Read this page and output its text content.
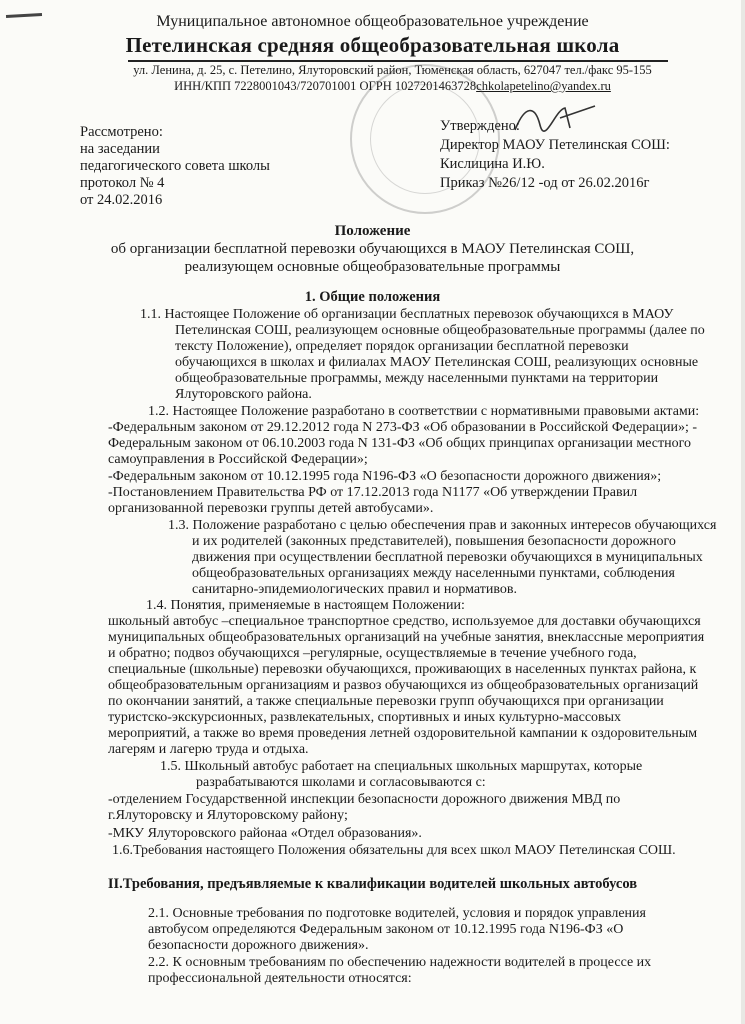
Муниципальное автономное общеобразовательное учреждение
Петелинская средняя общеобразовательная школа
ул. Ленина, д. 25, с. Петелино, Ялуторовский район, Тюменская область, 627047 тел./факс 95-155
ИНН/КПП 7228001043/720701001 ОГРН 1027201463728chkolapetelino@yandex.ru
Рассмотрено:
на заседании
педагогического совета школы
протокол № 4
от 24.02.2016
Утверждено:
Директор МАОУ Петелинская СОШ:
Кислицина И.Ю.
Приказ №26/12 -од от 26.02.2016г
Положение
об организации бесплатной перевозки обучающихся в МАОУ Петелинская СОШ,
реализующем основные общеобразовательные программы
1. Общие положения
1.1. Настоящее Положение об организации бесплатных перевозок обучающихся в МАОУ
Петелинская СОШ, реализующем основные общеобразовательные программы (далее по
тексту Положение), определяет порядок организации бесплатной перевозки
обучающихся в школах и филиалах МАОУ Петелинская СОШ, реализующих основные
общеобразовательные программы, между населенными пунктами на территории
Ялуторовского района.
1.2. Настоящее Положение разработано в соответствии с нормативными правовыми актами:
-Федеральным законом от 29.12.2012 года N 273-ФЗ «Об образовании в Российской Федерации»; -
Федеральным законом от 06.10.2003 года N 131-ФЗ «Об общих принципах организации местного
самоуправления в Российской Федерации»;
-Федеральным законом от 10.12.1995 года N196-ФЗ «О безопасности дорожного движения»;
-Постановлением Правительства РФ от 17.12.2013 года N1177 «Об утверждении Правил
организованной перевозки группы детей автобусами».
1.3. Положение разработано с целью обеспечения прав и законных интересов обучающихся
и их родителей (законных представителей), повышения безопасности дорожного
движения при осуществлении бесплатной перевозки обучающихся в муниципальных
общеобразовательных организациях между населенными пунктами, соблюдения
санитарно-эпидемиологических правил и нормативов.
1.4. Понятия, применяемые в настоящем Положении:
школьный автобус –специальное транспортное средство, используемое для доставки обучающихся
муниципальных общеобразовательных организаций на учебные занятия, внеклассные мероприятия
и обратно; подвоз обучающихся –регулярные, осуществляемые в течение учебного года,
специальные (школьные) перевозки обучающихся, проживающих в населенных пунктах района, к
общеобразовательным организациям и развоз обучающихся из общеобразовательных организаций
по окончании занятий, а также специальные перевозки групп обучающихся при организации
туристско-экскурсионных, развлекательных, спортивных и иных культурно-массовых
мероприятий, а также во время проведения летней оздоровительной кампании к оздоровительным
лагерям и лагерю труда и отдыха.
1.5. Школьный автобус работает на специальных школьных маршрутах, которые
разрабатываются школами и согласовываются с:
-отделением Государственной инспекции безопасности дорожного движения МВД по
г.Ялуторовску и Ялуторовскому району;
-МКУ Ялуторовского районаа «Отдел образования».
1.6.Требования настоящего Положения обязательны для всех школ МАОУ Петелинская СОШ.
II.Требования, предъявляемые к квалификации водителей школьных автобусов
2.1. Основные требования по подготовке водителей, условия и порядок управления
автобусом определяются Федеральным законом от 10.12.1995 года N196-ФЗ «О
безопасности дорожного движения».
2.2. К основным требованиям по обеспечению надежности водителей в процессе их
профессиональной деятельности относятся:
